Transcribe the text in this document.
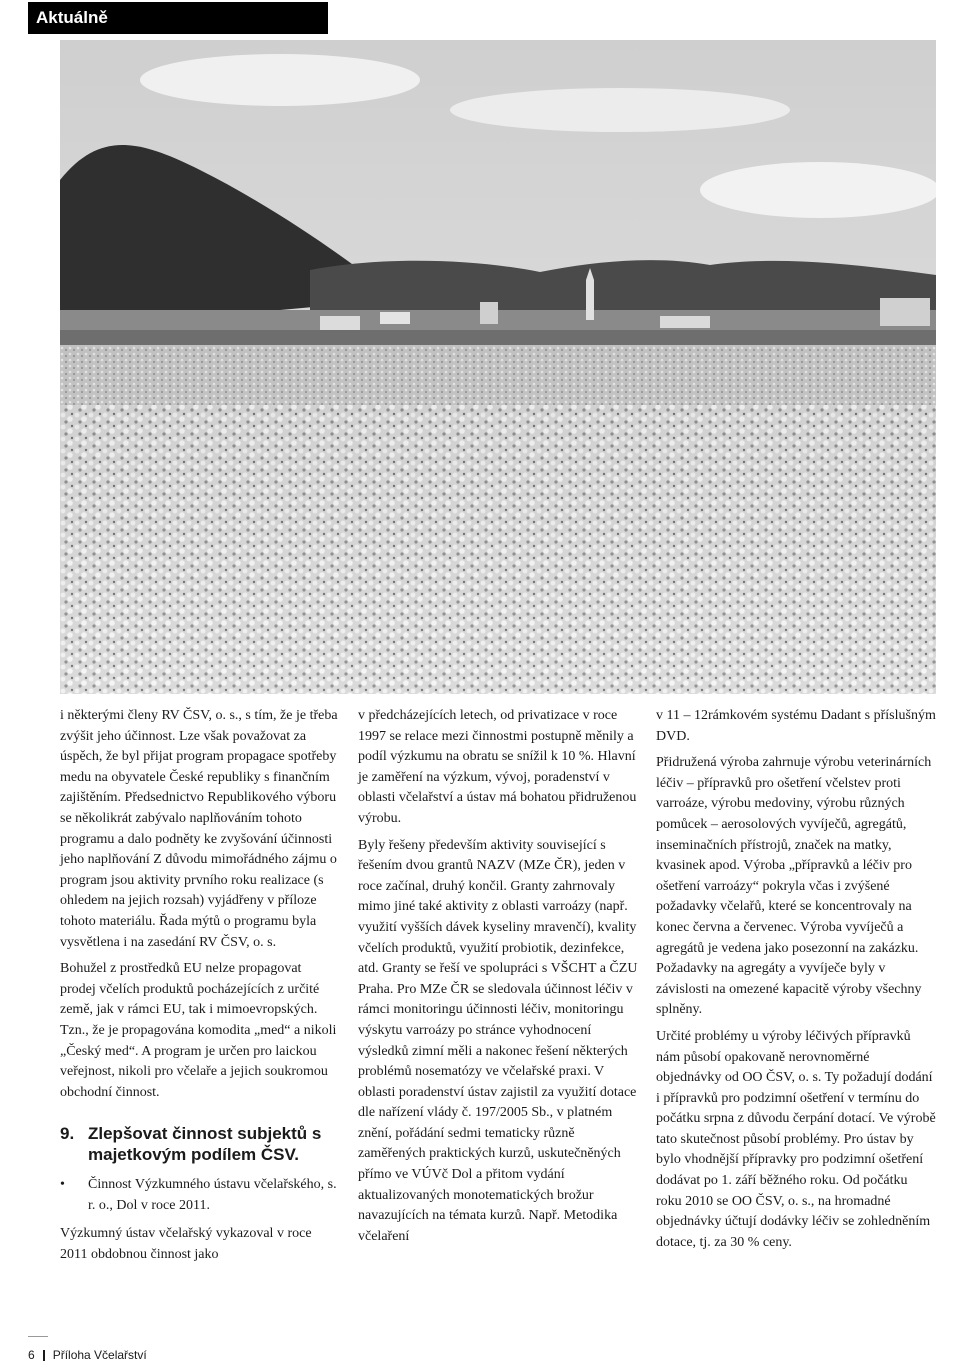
Aktuálně

i některými členy RV ČSV, o. s., s tím, že je třeba zvýšit jeho účinnost. Lze však považovat za úspěch, že byl přijat program propagace spotřeby medu na obyvatele České republiky s finančním zajištěním. Předsednictvo Republikového výboru se několikrát zabývalo naplňováním tohoto programu a dalo podněty ke zvyšování účinnosti jeho naplňování Z důvodu mimořádného zájmu o program jsou aktivity prvního roku realizace (s ohledem na jejich rozsah) vyjádřeny v příloze tohoto materiálu. Řada mýtů o programu byla vysvětlena i na zasedání RV ČSV, o. s.

Bohužel z prostředků EU nelze propagovat prodej včelích produktů pocházejících z určité země, jak v rámci EU, tak i mimoevropských. Tzn., že je propagována komodita „med“ a nikoli „Český med“. A program je určen pro laickou veřejnost, nikoli pro včelaře a jejich soukromou obchodní činnost.

9. Zlepšovat činnost subjektů s majetkovým podílem ČSV.
•	Činnost Výzkumného ústavu včelařského, s. r. o., Dol v roce 2011.

Výzkumný ústav včelařský vykazoval v roce 2011 obdobnou činnost jako

v předcházejících letech, od privatizace v roce 1997 se relace mezi činnostmi postupně měnily a podíl výzkumu na obratu se snížil k 10 %. Hlavní je zaměření na výzkum, vývoj, poradenství v oblasti včelařství a ústav má bohatou přidruženou výrobu.

Byly řešeny především aktivity související s řešením dvou grantů NAZV (MZe ČR), jeden v roce začínal, druhý končil. Granty zahrnovaly mimo jiné také aktivity z oblasti varroázy (např. využití vyšších dávek kyseliny mravenčí), kvality včelích produktů, využití probiotik, dezinfekce, atd. Granty se řeší ve spolupráci s VŠCHT a ČZU Praha. Pro MZe ČR se sledovala účinnost léčiv v rámci monitoringu účinnosti léčiv, monitoringu výskytu varroázy po stránce vyhodnocení výsledků zimní měli a nakonec řešení některých problémů nosematózy ve včelařské praxi. V oblasti poradenství ústav zajistil za využití dotace dle nařízení vlády č. 197/2005 Sb., v platném znění, pořádání sedmi tematicky různě zaměřených praktických kurzů, uskutečněných přímo ve VÚVč Dol a přitom vydání aktualizovaných monotematických brožur navazujících na témata kurzů. Např. Metodika včelaření

v 11 – 12rámkovém systému Dadant s příslušným DVD.

Přidružená výroba zahrnuje výrobu veterinárních léčiv – přípravků pro ošetření včelstev proti varroáze, výrobu medoviny, výrobu různých pomůcek – aerosolových vyvíječů, agregátů, inseminačních přístrojů, značek na matky, kvasinek apod. Výroba „přípravků a léčiv pro ošetření varroázy“ pokryla včas i zvýšené požadavky včelařů, které se koncentrovaly na konec června a červenec. Výroba vyvíječů a agregátů je vedena jako posezonní na zakázku. Požadavky na agregáty a vyvíječe byly v závislosti na omezené kapacitě výroby všechny splněny.

Určité problémy u výroby léčivých přípravků nám působí opakovaně nerovnoměrné objednávky od OO ČSV, o. s. Ty požadují dodání i přípravků pro podzimní ošetření v termínu do počátku srpna z důvodu čerpání dotací. Ve výrobě tato skutečnost působí problémy. Pro ústav by bylo vhodnější přípravky pro podzimní ošetření dodávat po 1. září běžného roku. Od počátku roku 2010 se OO ČSV, o. s., na hromadné objednávky účtují dodávky léčiv se zohledněním dotace, tj. za 30 % ceny.

6 Příloha Včelařství
